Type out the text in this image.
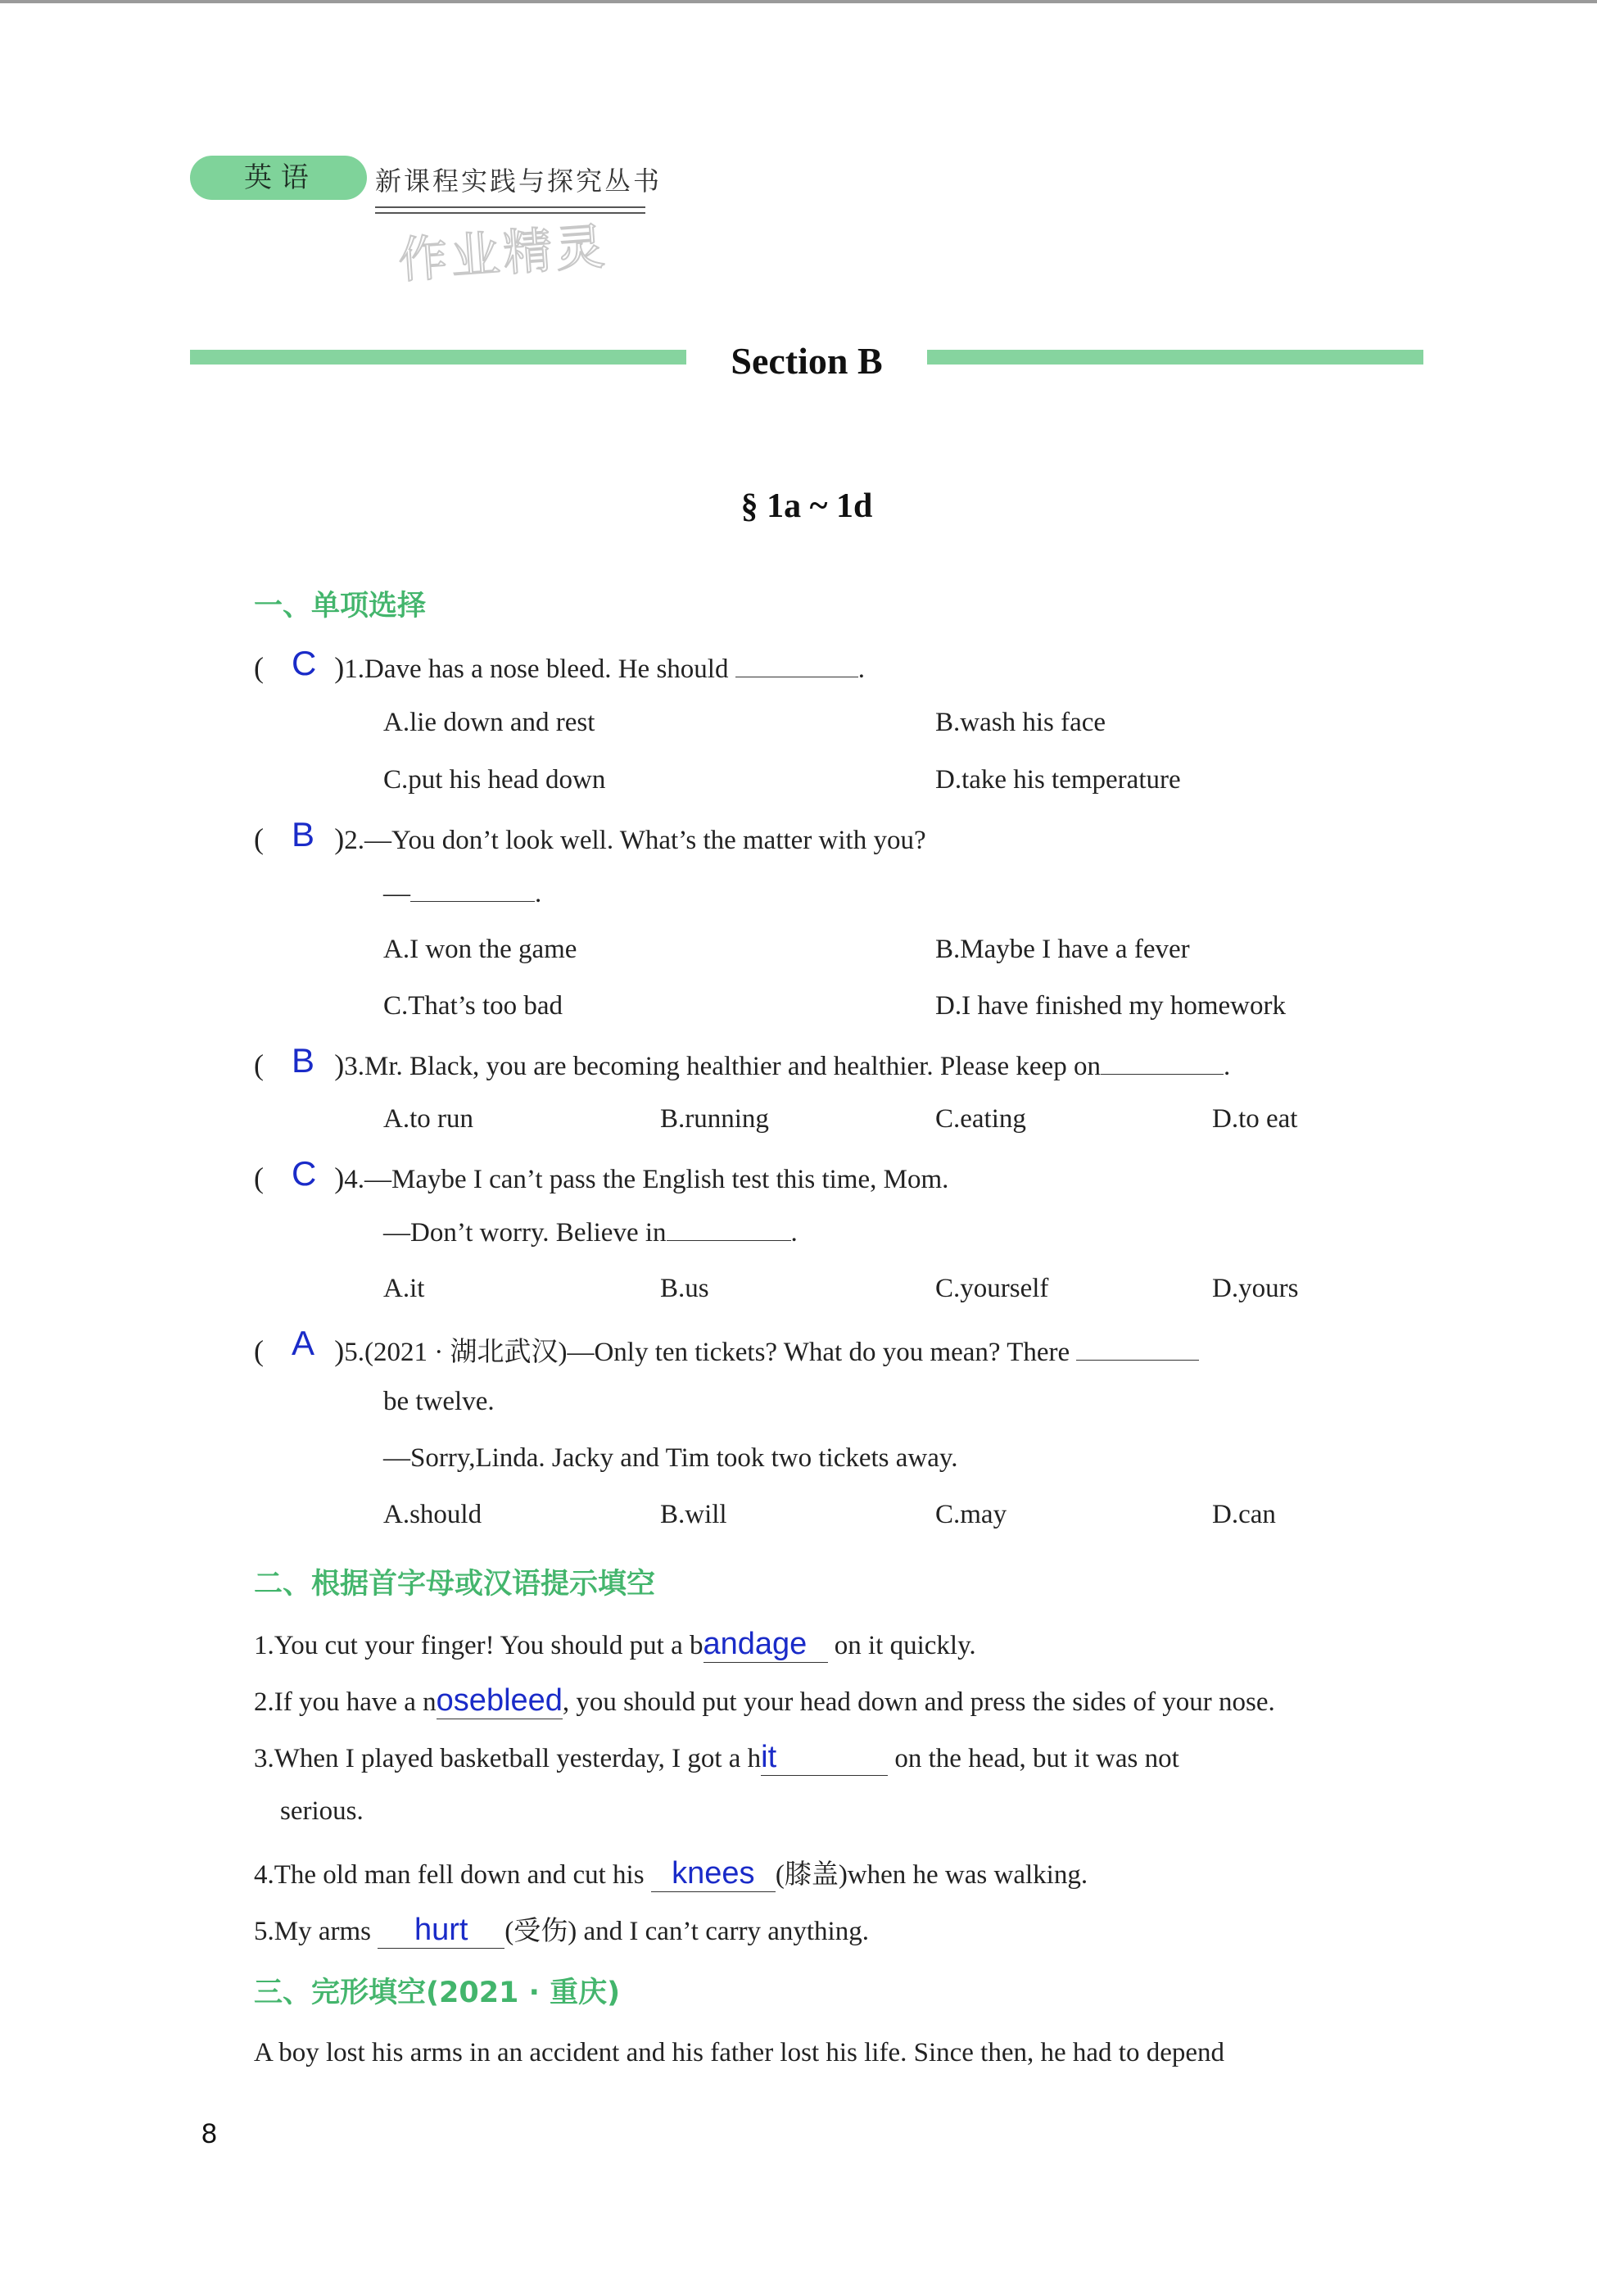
英 语	新课程实践与探究丛书
作业精灵
Section B
§ 1a ~ 1d
一、单项选择
( C )1.Dave has a nose bleed. He should	.
A.lie down and rest	B.wash his face
C.put his head down	D.take his temperature
( B )2.—You don’t look well. What’s the matter with you?
—	.
A.I won the game	B.Maybe I have a fever
C.That’s too bad	D.I have finished my homework
( B )3.Mr. Black, you are becoming healthier and healthier. Please keep on	.
A.to run	B.running	C.eating	D.to eat
( C )4.—Maybe I can’t pass the English test this time, Mom.
—Don’t worry. Believe in	.
A.it	B.us	C.yourself	D.yours
( A )5.(2021 · 湖北武汉)—Only ten tickets? What do you mean? There
be twelve.
—Sorry,Linda. Jacky and Tim took two tickets away.
A.should	B.will	C.may	D.can
二、根据首字母或汉语提示填空
1.You cut your finger! You should put a bandage on it quickly.
2.If you have a nosebleed, you should put your head down and press the sides of your nose.
3.When I played basketball yesterday, I got a hit	on the head, but it was not
serious.
4.The old man fell down and cut his knees (膝盖)when he was walking.
5.My arms hurt (受伤) and I can’t carry anything.
三、完形填空(2021 · 重庆)
A boy lost his arms in an accident and his father lost his life. Since then, he had to depend
8
